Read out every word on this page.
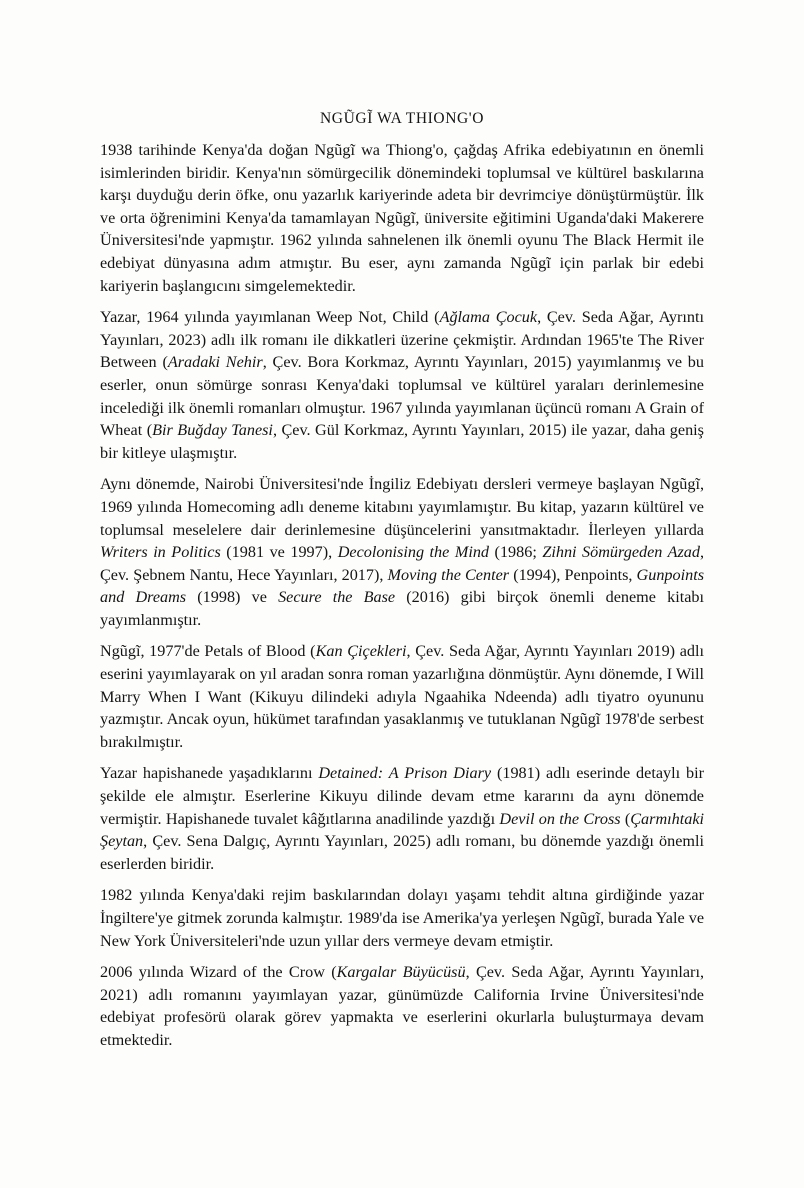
NGŨGĨ WA THIONG'O

1938 tarihinde Kenya'da doğan Ngũgĩ wa Thiong'o, çağdaş Afrika edebiyatının en önemli isimlerinden biridir. Kenya'nın sömürgecilik dönemindeki toplumsal ve kültürel baskılarına karşı duyduğu derin öfke, onu yazarlık kariyerinde adeta bir devrimciye dönüştürmüştür. İlk ve orta öğrenimini Kenya'da tamamlayan Ngũgĩ, üniversite eğitimini Uganda'daki Makerere Üniversitesi'nde yapmıştır. 1962 yılında sahnelenen ilk önemli oyunu The Black Hermit ile edebiyat dünyasına adım atmıştır. Bu eser, aynı zamanda Ngũgĩ için parlak bir edebi kariyerin başlangıcını simgelemektedir.

Yazar, 1964 yılında yayımlanan Weep Not, Child (Ağlama Çocuk, Çev. Seda Ağar, Ayrıntı Yayınları, 2023) adlı ilk romanı ile dikkatleri üzerine çekmiştir. Ardından 1965'te The River Between (Aradaki Nehir, Çev. Bora Korkmaz, Ayrıntı Yayınları, 2015) yayımlanmış ve bu eserler, onun sömürge sonrası Kenya'daki toplumsal ve kültürel yaraları derinlemesine incelediği ilk önemli romanları olmuştur. 1967 yılında yayımlanan üçüncü romanı A Grain of Wheat (Bir Buğday Tanesi, Çev. Gül Korkmaz, Ayrıntı Yayınları, 2015) ile yazar, daha geniş bir kitleye ulaşmıştır.

Aynı dönemde, Nairobi Üniversitesi'nde İngiliz Edebiyatı dersleri vermeye başlayan Ngũgĩ, 1969 yılında Homecoming adlı deneme kitabını yayımlamıştır. Bu kitap, yazarın kültürel ve toplumsal meselelere dair derinlemesine düşüncelerini yansıtmaktadır. İlerleyen yıllarda Writers in Politics (1981 ve 1997), Decolonising the Mind (1986; Zihni Sömürgeden Azad, Çev. Şebnem Nantu, Hece Yayınları, 2017), Moving the Center (1994), Penpoints, Gunpoints and Dreams (1998) ve Secure the Base (2016) gibi birçok önemli deneme kitabı yayımlanmıştır.

Ngũgĩ, 1977'de Petals of Blood (Kan Çiçekleri, Çev. Seda Ağar, Ayrıntı Yayınları 2019) adlı eserini yayımlayarak on yıl aradan sonra roman yazarlığına dönmüştür. Aynı dönemde, I Will Marry When I Want (Kikuyu dilindeki adıyla Ngaahika Ndeenda) adlı tiyatro oyununu yazmıştır. Ancak oyun, hükümet tarafından yasaklanmış ve tutuklanan Ngũgĩ 1978'de serbest bırakılmıştır.

Yazar hapishanede yaşadıklarını Detained: A Prison Diary (1981) adlı eserinde detaylı bir şekilde ele almıştır. Eserlerine Kikuyu dilinde devam etme kararını da aynı dönemde vermiştir. Hapishanede tuvalet kâğıtlarına anadilinde yazdığı Devil on the Cross (Çarmıhtaki Şeytan, Çev. Sena Dalgıç, Ayrıntı Yayınları, 2025) adlı romanı, bu dönemde yazdığı önemli eserlerden biridir.

1982 yılında Kenya'daki rejim baskılarından dolayı yaşamı tehdit altına girdiğinde yazar İngiltere'ye gitmek zorunda kalmıştır. 1989'da ise Amerika'ya yerleşen Ngũgĩ, burada Yale ve New York Üniversiteleri'nde uzun yıllar ders vermeye devam etmiştir.

2006 yılında Wizard of the Crow (Kargalar Büyücüsü, Çev. Seda Ağar, Ayrıntı Yayınları, 2021) adlı romanını yayımlayan yazar, günümüzde California Irvine Üniversitesi'nde edebiyat profesörü olarak görev yapmakta ve eserlerini okurlarla buluşturmaya devam etmektedir.
